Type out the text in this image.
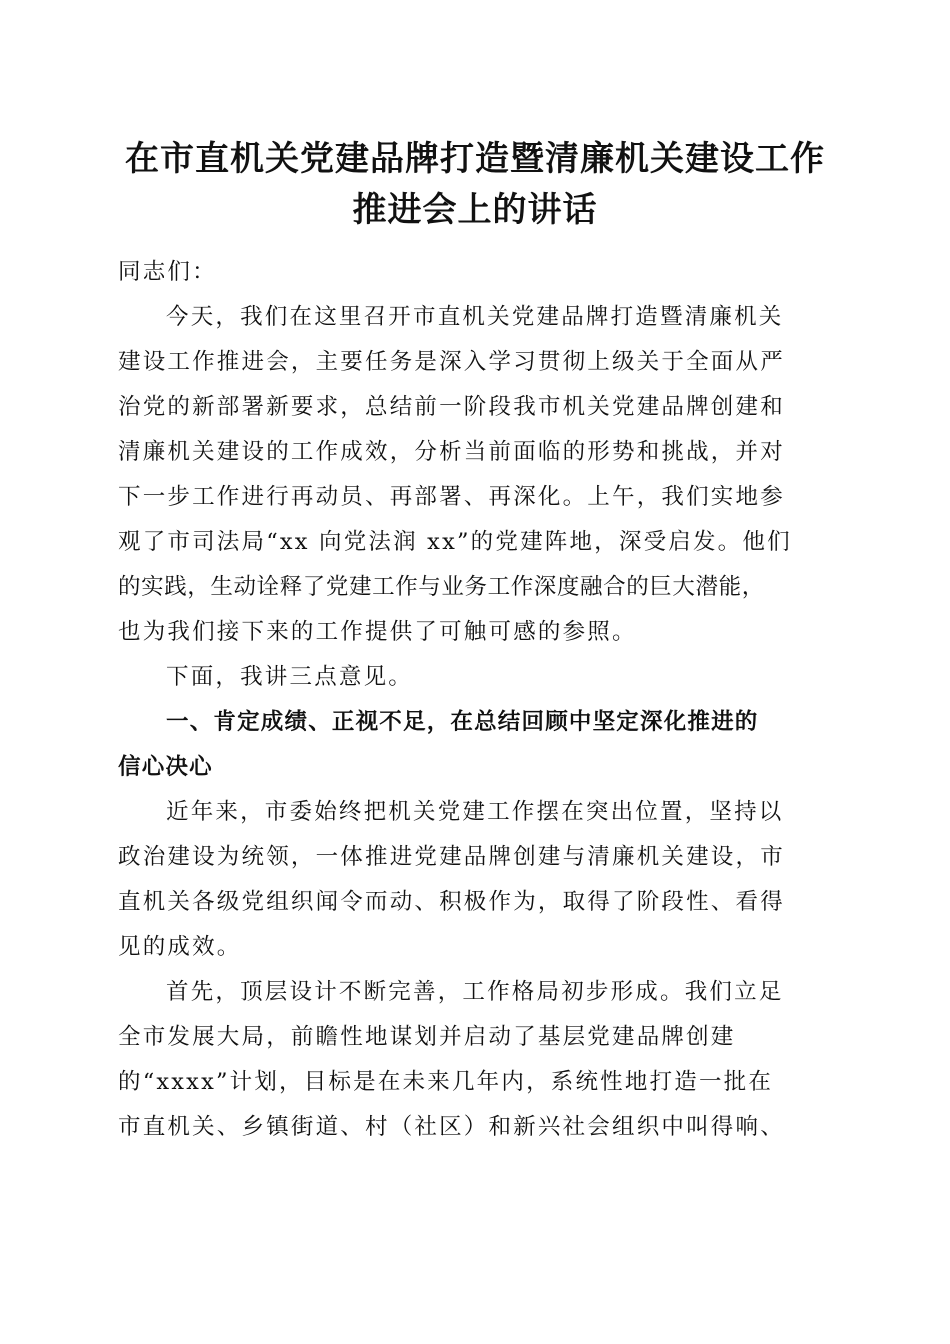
在市直机关党建品牌打造暨清廉机关建设工作
推进会上的讲话
同志们：
今天，我们在这里召开市直机关党建品牌打造暨清廉机关
建设工作推进会，主要任务是深入学习贯彻上级关于全面从严
治党的新部署新要求，总结前一阶段我市机关党建品牌创建和
清廉机关建设的工作成效，分析当前面临的形势和挑战，并对
下一步工作进行再动员、再部署、再深化。上午，我们实地参
观了市司法局“xx 向党法润 xx”的党建阵地，深受启发。他们
的实践，生动诠释了党建工作与业务工作深度融合的巨大潜能，
也为我们接下来的工作提供了可触可感的参照。
下面，我讲三点意见。
一、肯定成绩、正视不足，在总结回顾中坚定深化推进的
信心决心
近年来，市委始终把机关党建工作摆在突出位置，坚持以
政治建设为统领，一体推进党建品牌创建与清廉机关建设，市
直机关各级党组织闻令而动、积极作为，取得了阶段性、看得
见的成效。
首先，顶层设计不断完善，工作格局初步形成。我们立足
全市发展大局，前瞻性地谋划并启动了基层党建品牌创建
的“xxxx”计划，目标是在未来几年内，系统性地打造一批在
市直机关、乡镇街道、村（社区）和新兴社会组织中叫得响、
